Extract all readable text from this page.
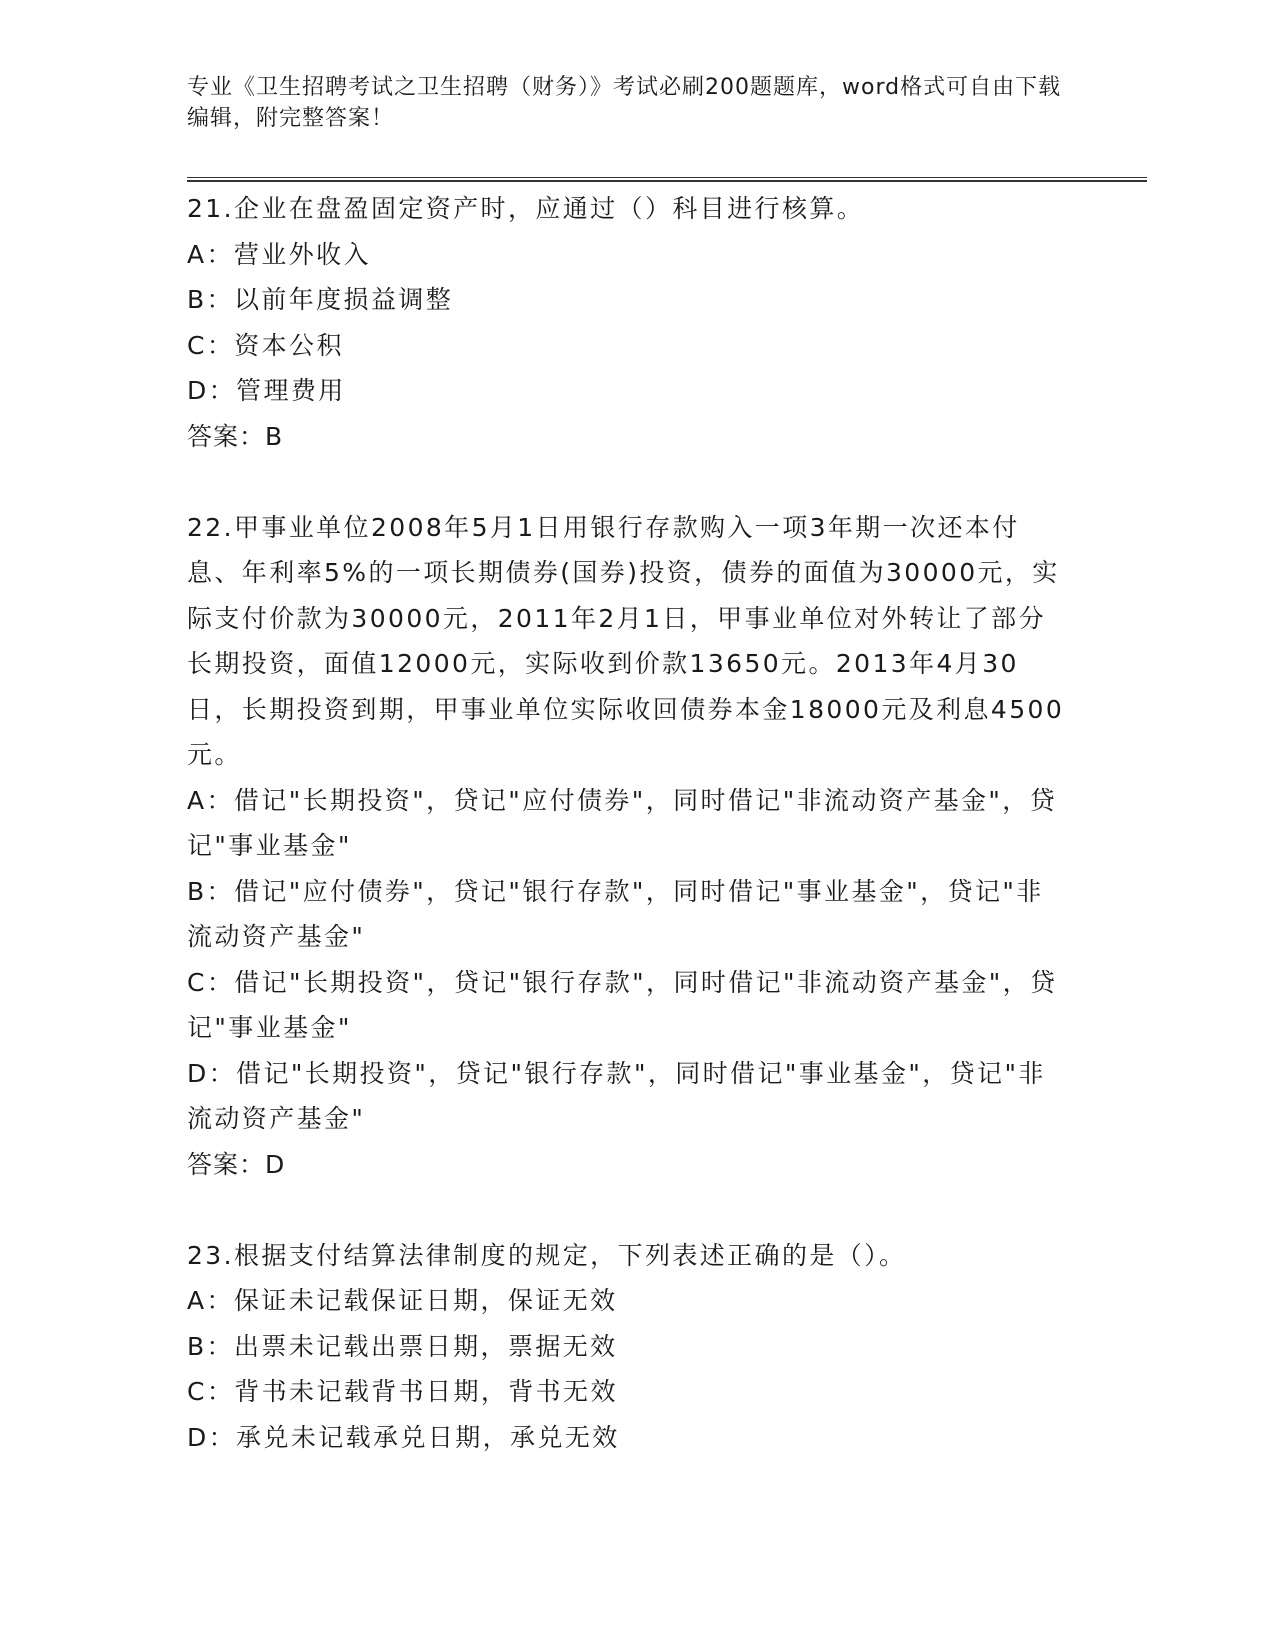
专业《卫生招聘考试之卫生招聘（财务）》考试必刷200题题库，word格式可自由下载编辑，附完整答案！

21.企业在盘盈固定资产时，应通过（）科目进行核算。

A：营业外收入

B：以前年度损益调整

C：资本公积

D：管理费用

答案：B

22.甲事业单位2008年5月1日用银行存款购入一项3年期一次还本付息、年利率5%的一项长期债券(国券)投资，债券的面值为30000元，实际支付价款为30000元，2011年2月1日，甲事业单位对外转让了部分长期投资，面值12000元，实际收到价款13650元。2013年4月30日，长期投资到期，甲事业单位实际收回债券本金18000元及利息4500元。

A：借记"长期投资"，贷记"应付债券"，同时借记"非流动资产基金"，贷记"事业基金"

B：借记"应付债券"，贷记"银行存款"，同时借记"事业基金"，贷记"非流动资产基金"

C：借记"长期投资"，贷记"银行存款"，同时借记"非流动资产基金"，贷记"事业基金"

D：借记"长期投资"，贷记"银行存款"，同时借记"事业基金"，贷记"非流动资产基金"

答案：D

23.根据支付结算法律制度的规定，下列表述正确的是（）。

A：保证未记载保证日期，保证无效

B：出票未记载出票日期，票据无效

C：背书未记载背书日期，背书无效

D：承兑未记载承兑日期，承兑无效
